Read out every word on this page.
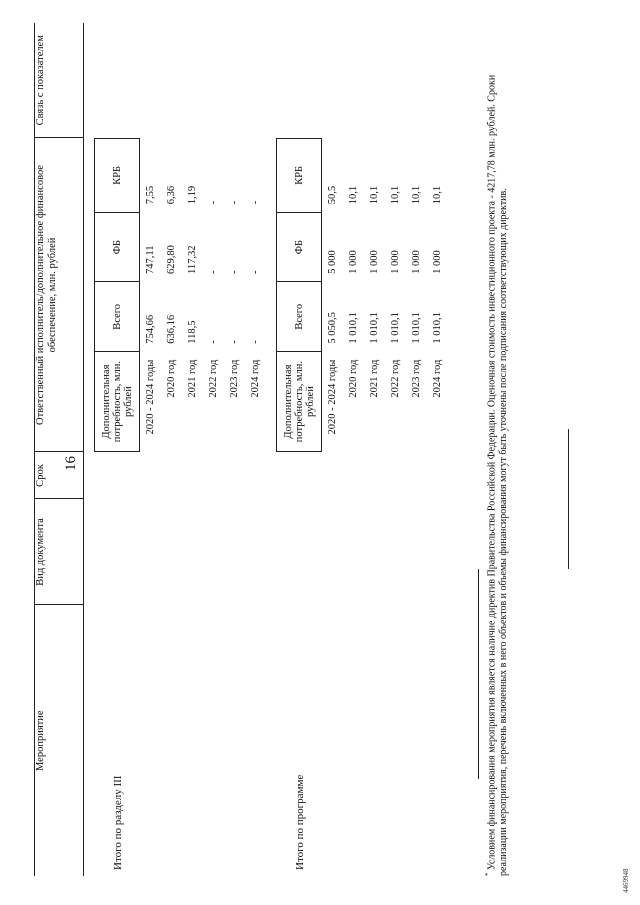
16
Мероприятие	Вид документа	Срок	Ответственный исполнитель/дополнительное финансовое обеспечение, млн. рублей	Связь с показателем
Итого по разделу III			
Дополнительная потребность, млн. рублей	Всего	ФБ	КРБ
2020 - 2024 годы	754,66	747,11	7,55
2020 год	636,16	629,80	6,36
2021 год	118,5	117,32	1,19
2022 год	-	-	-
2023 год	-	-	-
2024 год	-	-	-

Итого по программе			
Дополнительная потребность, млн. рублей	Всего	ФБ	КРБ
2020 - 2024 годы	5 050,5	5 000	50,5
2020 год	1 010,1	1 000	10,1
2021 год	1 010,1	1 000	10,1
2022 год	1 010,1	1 000	10,1
2023 год	1 010,1	1 000	10,1
2024 год	1 010,1	1 000	10,1

* Условием финансирования мероприятия является наличие директив Правительства Российской Федерации. Оценочная стоимость инвестиционного проекта - 4217,78 млн. рублей. Сроки реализации мероприятия, перечень включенных в него объектов и объемы финансирования могут быть уточнены после подписания соответствующих директив.
4469948
